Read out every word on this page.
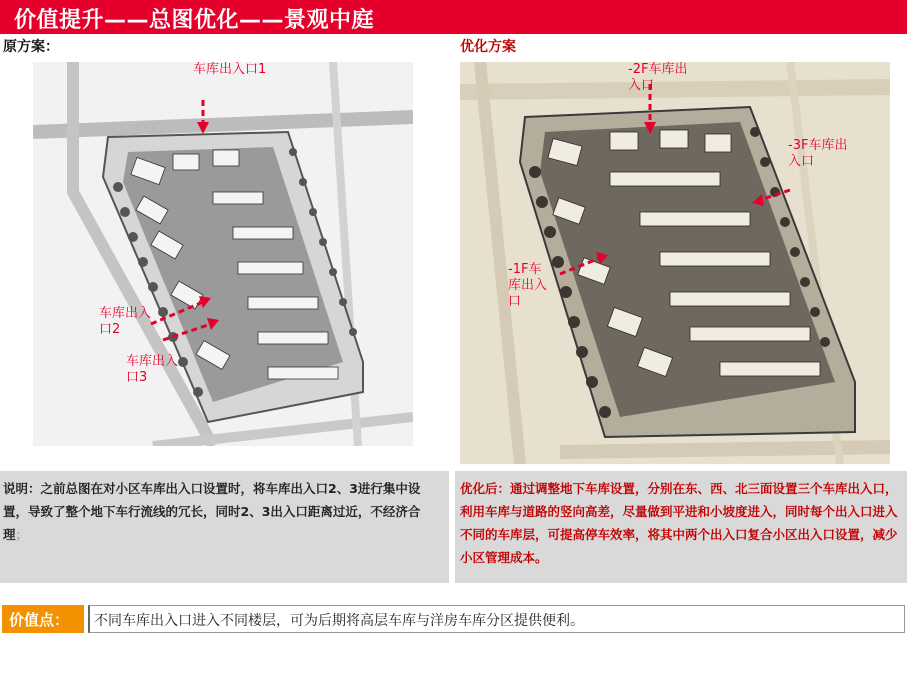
价值提升——总图优化——景观中庭
原方案：	优化方案
车库出入口1
车库出入口2
车库出入口3
-2F车库出入口
-3F车库出入口
-1F车库出入口
说明：之前总图在对小区车库出入口设置时，将车库出入口2、3进行集中设置，导致了整个地下车行流线的冗长，同时2、3出入口距离过近，不经济合理；
优化后：通过调整地下车库设置，分别在东、西、北三面设置三个车库出入口，利用车库与道路的竖向高差，尽量做到平进和小坡度进入，同时每个出入口进入不同的车库层，可提高停车效率，将其中两个出入口复合小区出入口设置，减少小区管理成本。
价值点： 不同车库出入口进入不同楼层，可为后期将高层车库与洋房车库分区提供便利。
